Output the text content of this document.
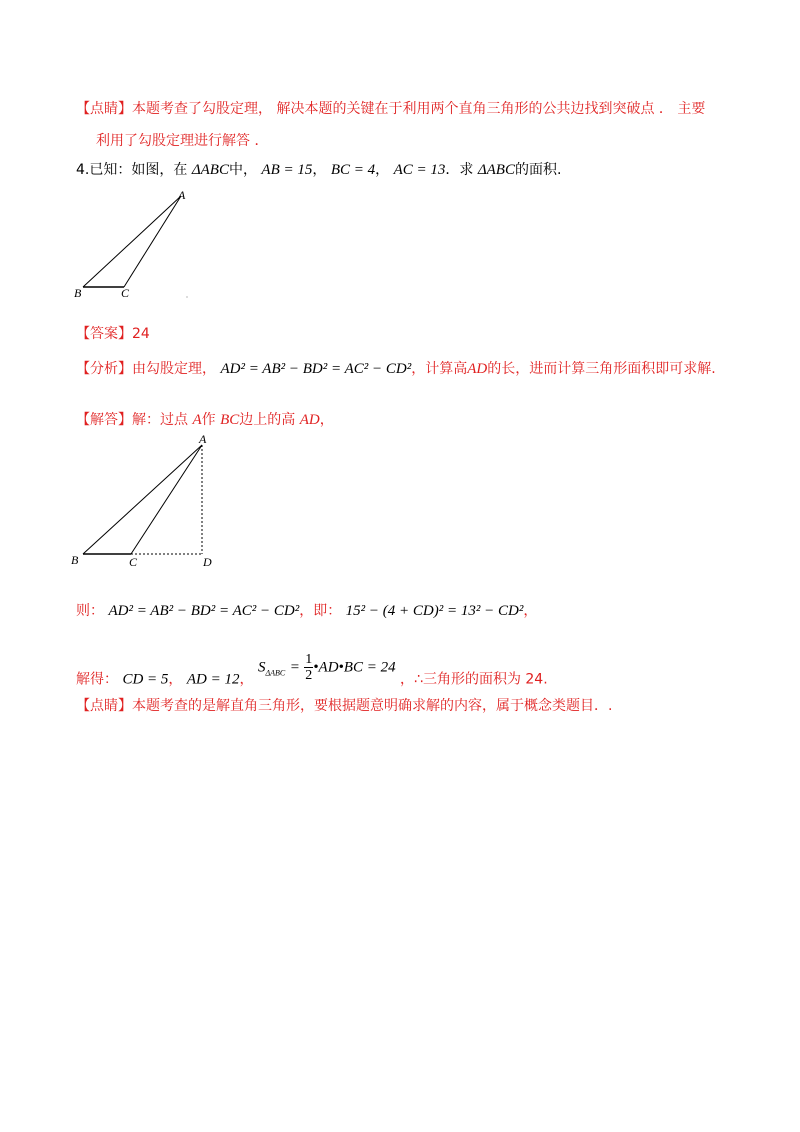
【点睛】本题考查了勾股定理， 解决本题的关键在于利用两个直角三角形的公共边找到突破点 ． 主要
利用了勾股定理进行解答 ．
4.已知：如图，在 ΔABC中， AB = 15， BC = 4， AC = 13．求 ΔABC的面积.
A
B	C
【答案】24
【分析】由勾股定理， AD² = AB² − BD² = AC² − CD²，计算高AD的长，进而计算三角形面积即可求解.
【解答】解：过点 A作 BC边上的高 AD，
A
B	C	D
则： AD² = AB² − BD² = AC² − CD²，即： 15² − (4 + CD)² = 13² − CD²，
解得： CD = 5， AD = 12， $S_{\Delta ABC} = \frac{1}{2}$ •AD•BC = 24 ，∴三角形的面积为 24.
【点睛】本题考查的是解直角三角形，要根据题意明确求解的内容，属于概念类题目．.
